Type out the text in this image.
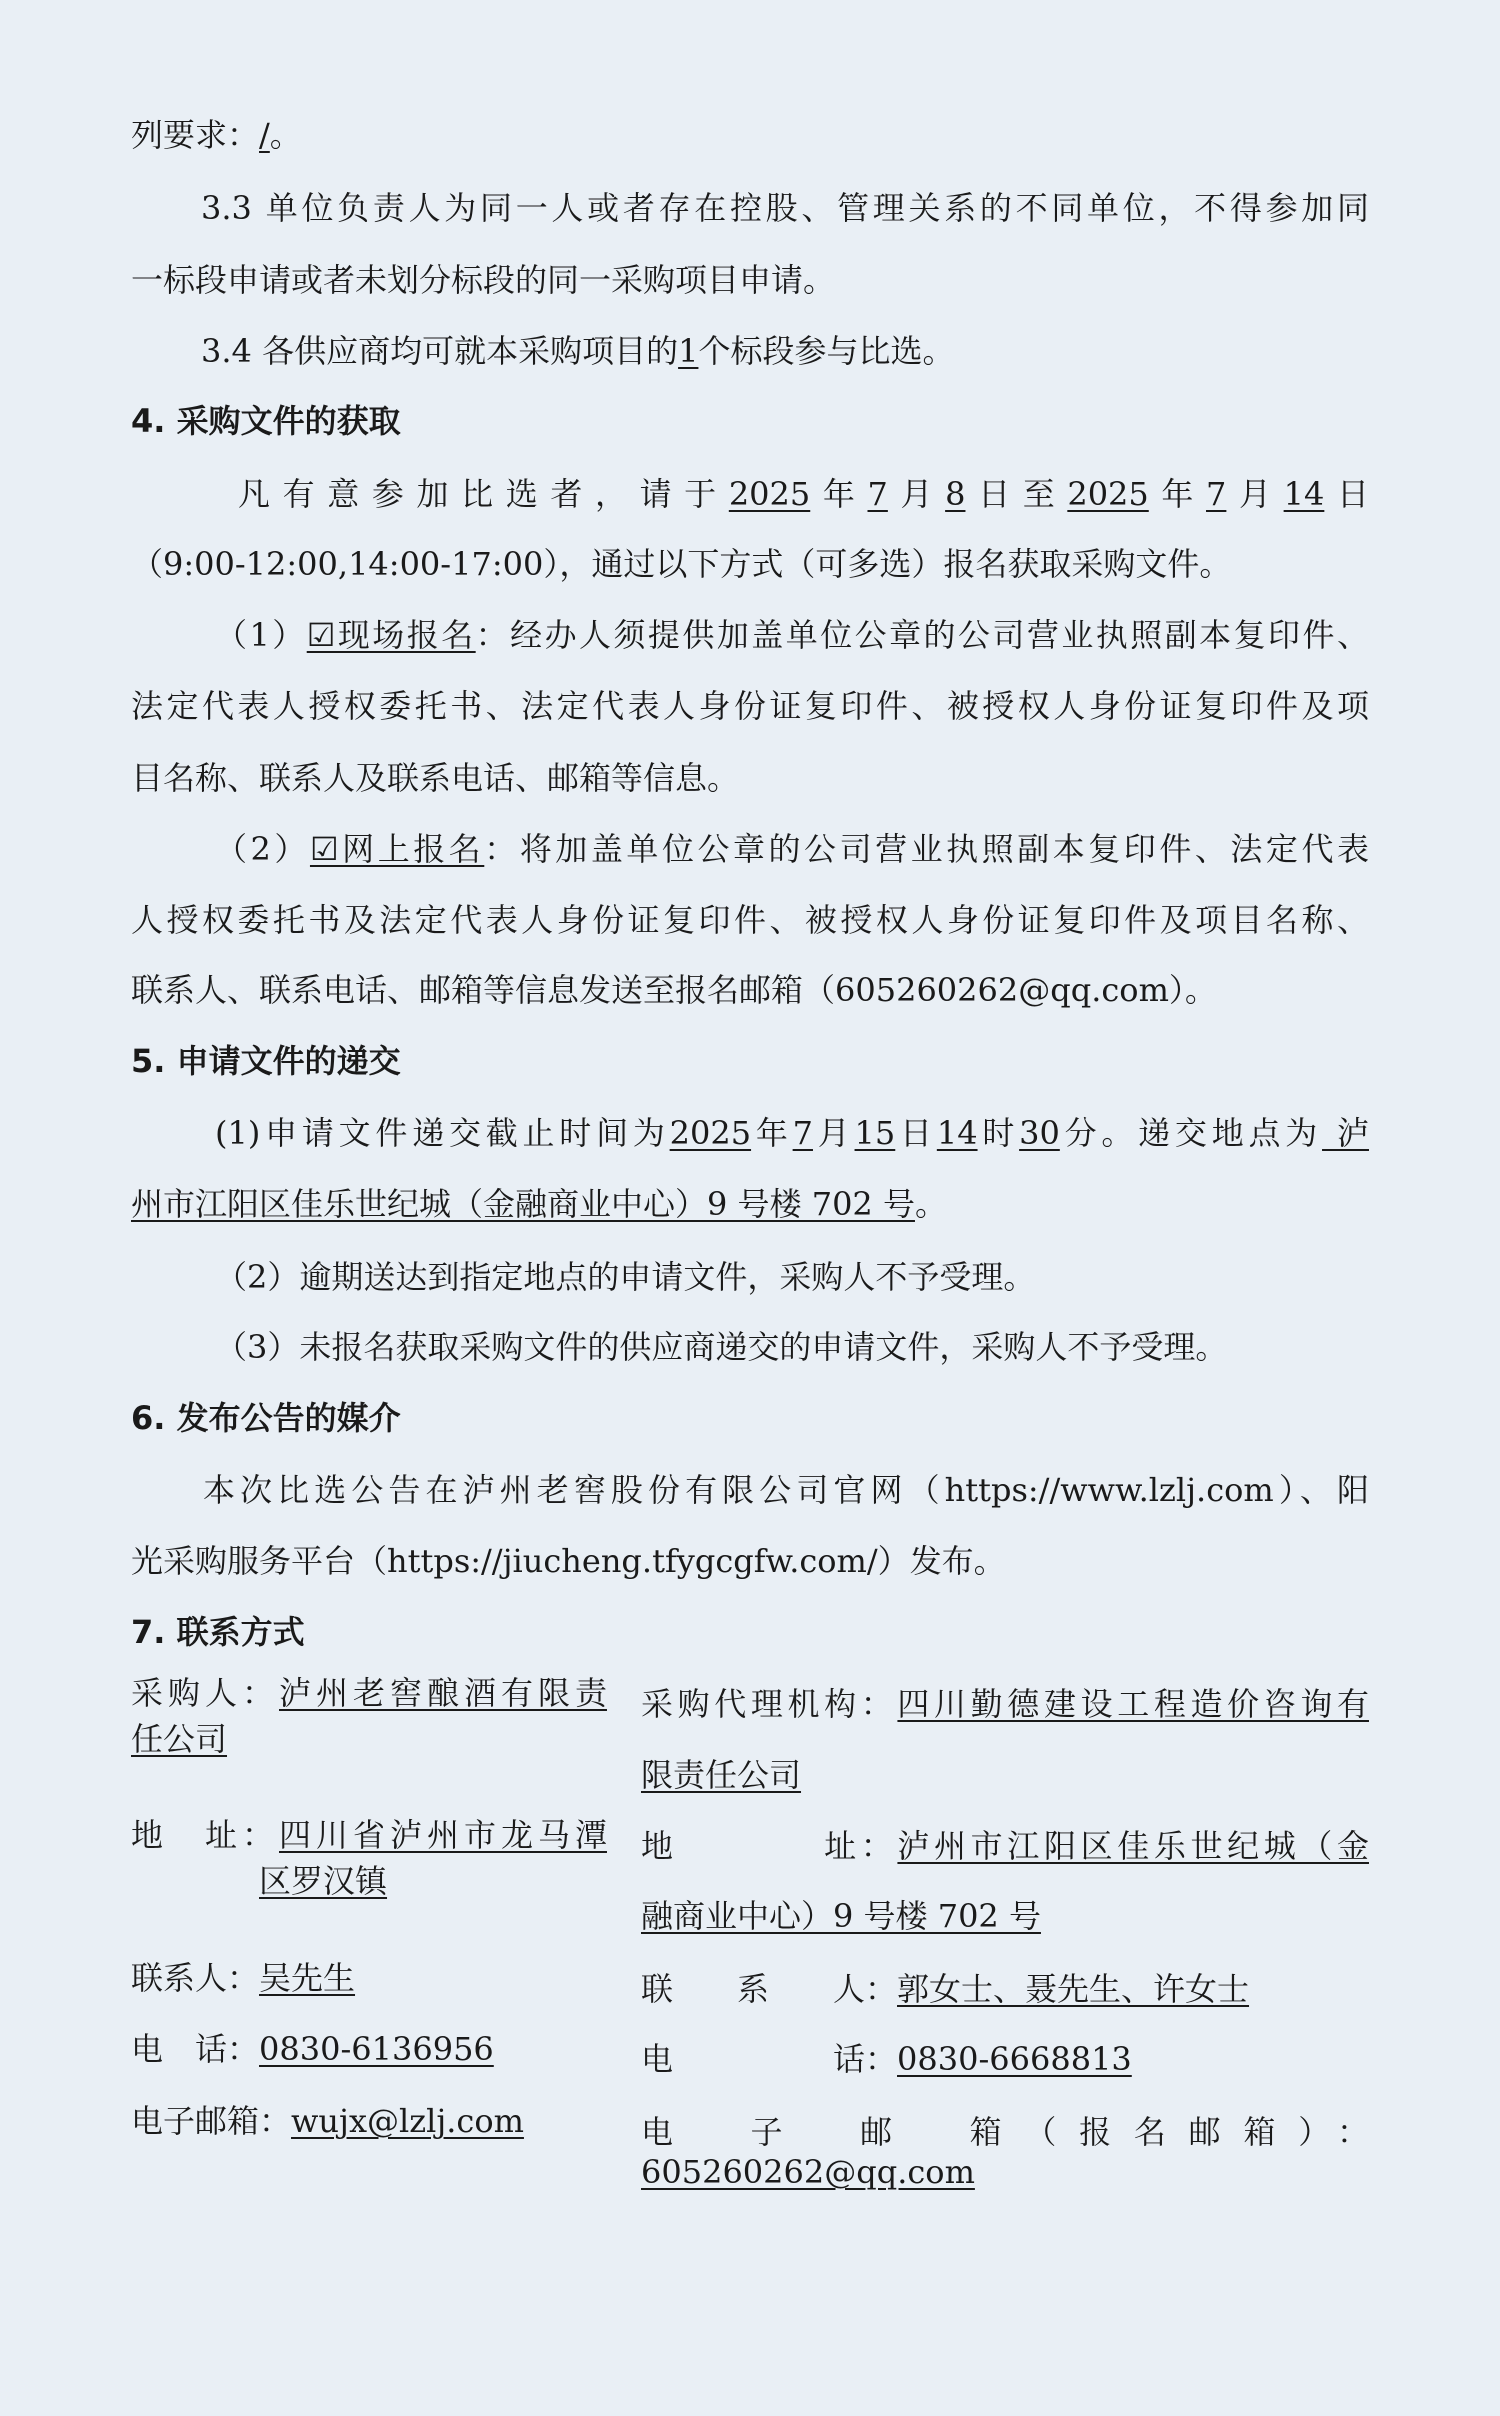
列要求：/。
3.3 单位负责人为同一人或者存在控股、管理关系的不同单位，不得参加同
一标段申请或者未划分标段的同一采购项目申请。
3.4 各供应商均可就本采购项目的1个标段参与比选。
4. 采购文件的获取
凡有意参加比选者，请于2025年7月8日至2025年7月14日
（9:00-12:00,14:00-17:00），通过以下方式（可多选）报名获取采购文件。
（1）☑现场报名：经办人须提供加盖单位公章的公司营业执照副本复印件、
法定代表人授权委托书、法定代表人身份证复印件、被授权人身份证复印件及项
目名称、联系人及联系电话、邮箱等信息。
（2）☑网上报名：将加盖单位公章的公司营业执照副本复印件、法定代表
人授权委托书及法定代表人身份证复印件、被授权人身份证复印件及项目名称、
联系人、联系电话、邮箱等信息发送至报名邮箱（605260262@qq.com）。
5. 申请文件的递交
(1)申请文件递交截止时间为2025年7月15日14时30分。递交地点为 泸
州市江阳区佳乐世纪城（金融商业中心）9 号楼 702 号。
（2）逾期送达到指定地点的申请文件，采购人不予受理。
（3）未报名获取采购文件的供应商递交的申请文件，采购人不予受理。
6. 发布公告的媒介
本次比选公告在泸州老窖股份有限公司官网（https://www.lzlj.com）、阳
光采购服务平台（https://jiucheng.tfygcgfw.com/）发布。
7. 联系方式
采购人：泸州老窖酿酒有限责
任公司
地　址：四川省泸州市龙马潭
　　　　区罗汉镇
联系人：吴先生
电　话：0830-6136956
电子邮箱：wujx@lzlj.com
采购代理机构：四川勤德建设工程造价咨询有
限责任公司
地　　　　址：泸州市江阳区佳乐世纪城（金
融商业中心）9 号楼 702 号
联　　系　　人：郭女士、聂先生、许女士
电　　　　　话：0830-6668813
电　子　邮　箱（报名邮箱）：605260262@qq.com
